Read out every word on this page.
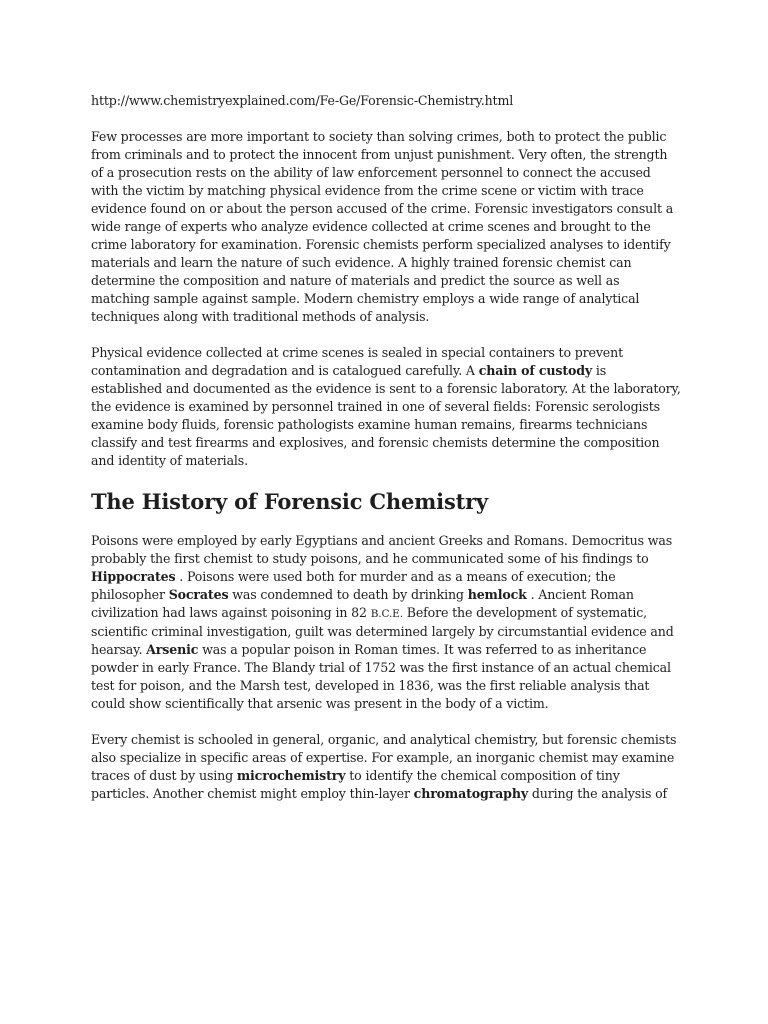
http://www.chemistryexplained.com/Fe-Ge/Forensic-Chemistry.html

Few processes are more important to society than solving crimes, both to protect the public from criminals and to protect the innocent from unjust punishment. Very often, the strength of a prosecution rests on the ability of law enforcement personnel to connect the accused with the victim by matching physical evidence from the crime scene or victim with trace evidence found on or about the person accused of the crime. Forensic investigators consult a wide range of experts who analyze evidence collected at crime scenes and brought to the crime laboratory for examination. Forensic chemists perform specialized analyses to identify materials and learn the nature of such evidence. A highly trained forensic chemist can determine the composition and nature of materials and predict the source as well as matching sample against sample. Modern chemistry employs a wide range of analytical techniques along with traditional methods of analysis.

Physical evidence collected at crime scenes is sealed in special containers to prevent contamination and degradation and is catalogued carefully. A chain of custody is established and documented as the evidence is sent to a forensic laboratory. At the laboratory, the evidence is examined by personnel trained in one of several fields: Forensic serologists examine body fluids, forensic pathologists examine human remains, firearms technicians classify and test firearms and explosives, and forensic chemists determine the composition and identity of materials.

The History of Forensic Chemistry

Poisons were employed by early Egyptians and ancient Greeks and Romans. Democritus was probably the first chemist to study poisons, and he communicated some of his findings to Hippocrates . Poisons were used both for murder and as a means of execution; the philosopher Socrates was condemned to death by drinking hemlock . Ancient Roman civilization had laws against poisoning in 82 B.C.E. Before the development of systematic, scientific criminal investigation, guilt was determined largely by circumstantial evidence and hearsay. Arsenic was a popular poison in Roman times. It was referred to as inheritance powder in early France. The Blandy trial of 1752 was the first instance of an actual chemical test for poison, and the Marsh test, developed in 1836, was the first reliable analysis that could show scientifically that arsenic was present in the body of a victim.

Every chemist is schooled in general, organic, and analytical chemistry, but forensic chemists also specialize in specific areas of expertise. For example, an inorganic chemist may examine traces of dust by using microchemistry to identify the chemical composition of tiny particles. Another chemist might employ thin-layer chromatography during the analysis of
